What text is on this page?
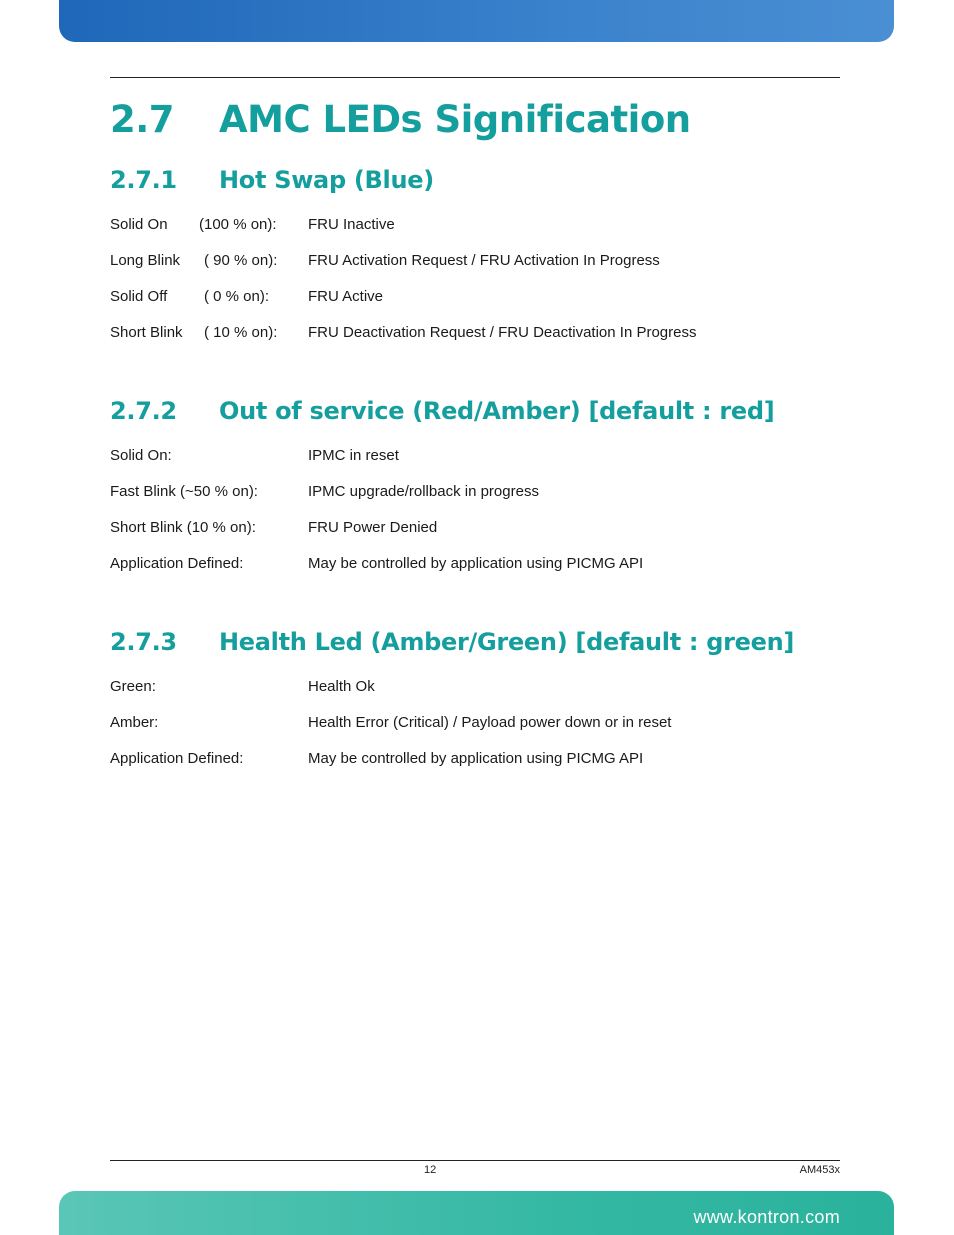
2.7 AMC LEDs Signification
2.7.1 Hot Swap (Blue)
Solid On (100 % on): FRU Inactive
Long Blink ( 90 % on): FRU Activation Request / FRU Activation In Progress
Solid Off ( 0 % on):	FRU Active
Short Blink ( 10 % on): FRU Deactivation Request / FRU Deactivation In Progress
2.7.2 Out of service (Red/Amber) [default : red]
Solid On:	IPMC in reset
Fast Blink (~50 % on):	IPMC upgrade/rollback in progress
Short Blink (10 % on):	FRU Power Denied
Application Defined:	May be controlled by application using PICMG API
2.7.3 Health Led (Amber/Green) [default : green]
Green:	Health Ok
Amber:	Health Error (Critical) / Payload power down or in reset
Application Defined:	May be controlled by application using PICMG API
12	AM453x
www.kontron.com
